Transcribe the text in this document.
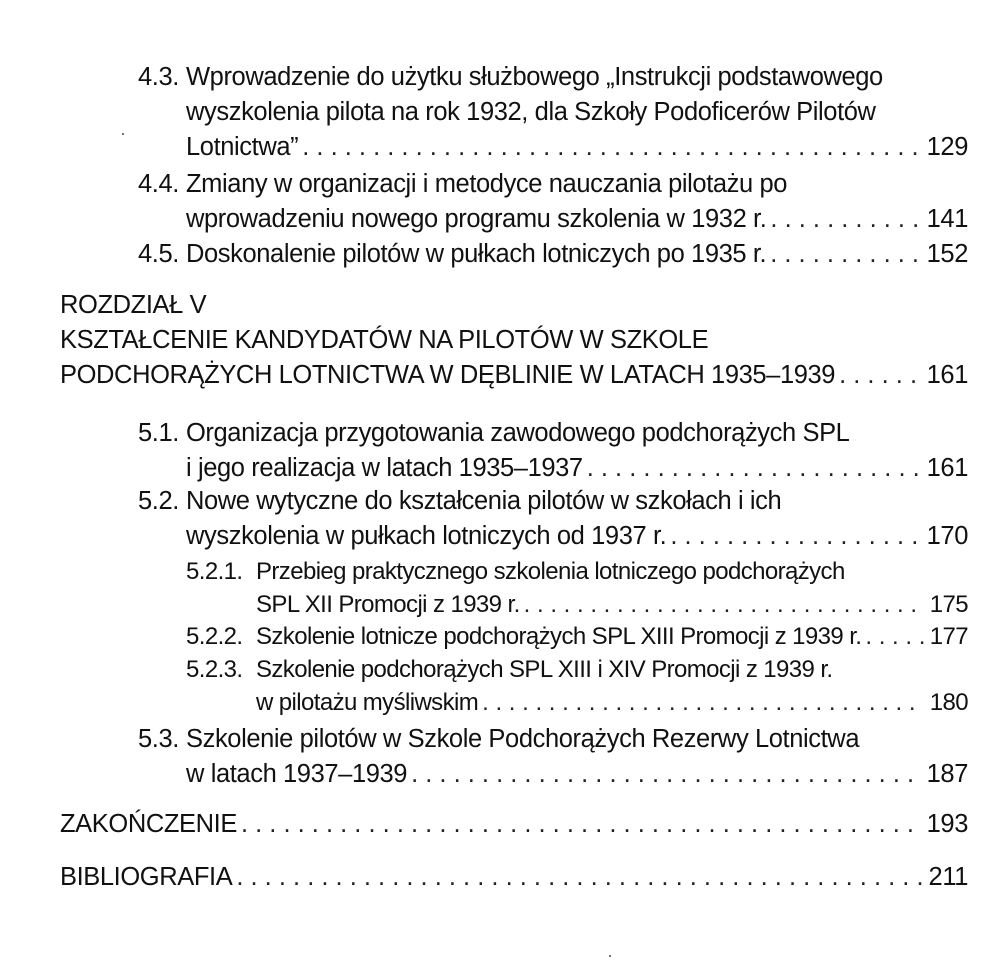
4.3. Wprowadzenie do użytku służbowego „Instrukcji podstawowego
wyszkolenia pilota na rok 1932, dla Szkoły Podoficerów Pilotów
Lotnictwa” . . .	129
4.4. Zmiany w organizacji i metodyce nauczania pilotażu po
wprowadzeniu nowego programu szkolenia w 1932 r. . . .	141
4.5. Doskonalenie pilotów w pułkach lotniczych po 1935 r. . . .	152
ROZDZIAŁ V
KSZTAŁCENIE KANDYDATÓW NA PILOTÓW W SZKOLE
PODCHORĄŻYCH LOTNICTWA W DĘBLINIE W LATACH 1935–1939 . . .	161
5.1. Organizacja przygotowania zawodowego podchorążych SPL
i jego realizacja w latach 1935–1937 . . .	161
5.2. Nowe wytyczne do kształcenia pilotów w szkołach i ich
wyszkolenia w pułkach lotniczych od 1937 r. . . .	170
5.2.1. Przebieg praktycznego szkolenia lotniczego podchorążych
SPL XII Promocji z 1939 r. . . .	175
5.2.2. Szkolenie lotnicze podchorążych SPL XIII Promocji z 1939 r. . . .	177
5.2.3. Szkolenie podchorążych SPL XIII i XIV Promocji z 1939 r.
w pilotażu myśliwskim . . .	180
5.3. Szkolenie pilotów w Szkole Podchorążych Rezerwy Lotnictwa
w latach 1937–1939 . . .	187
ZAKOŃCZENIE . . .	193
BIBLIOGRAFIA . . .	211
